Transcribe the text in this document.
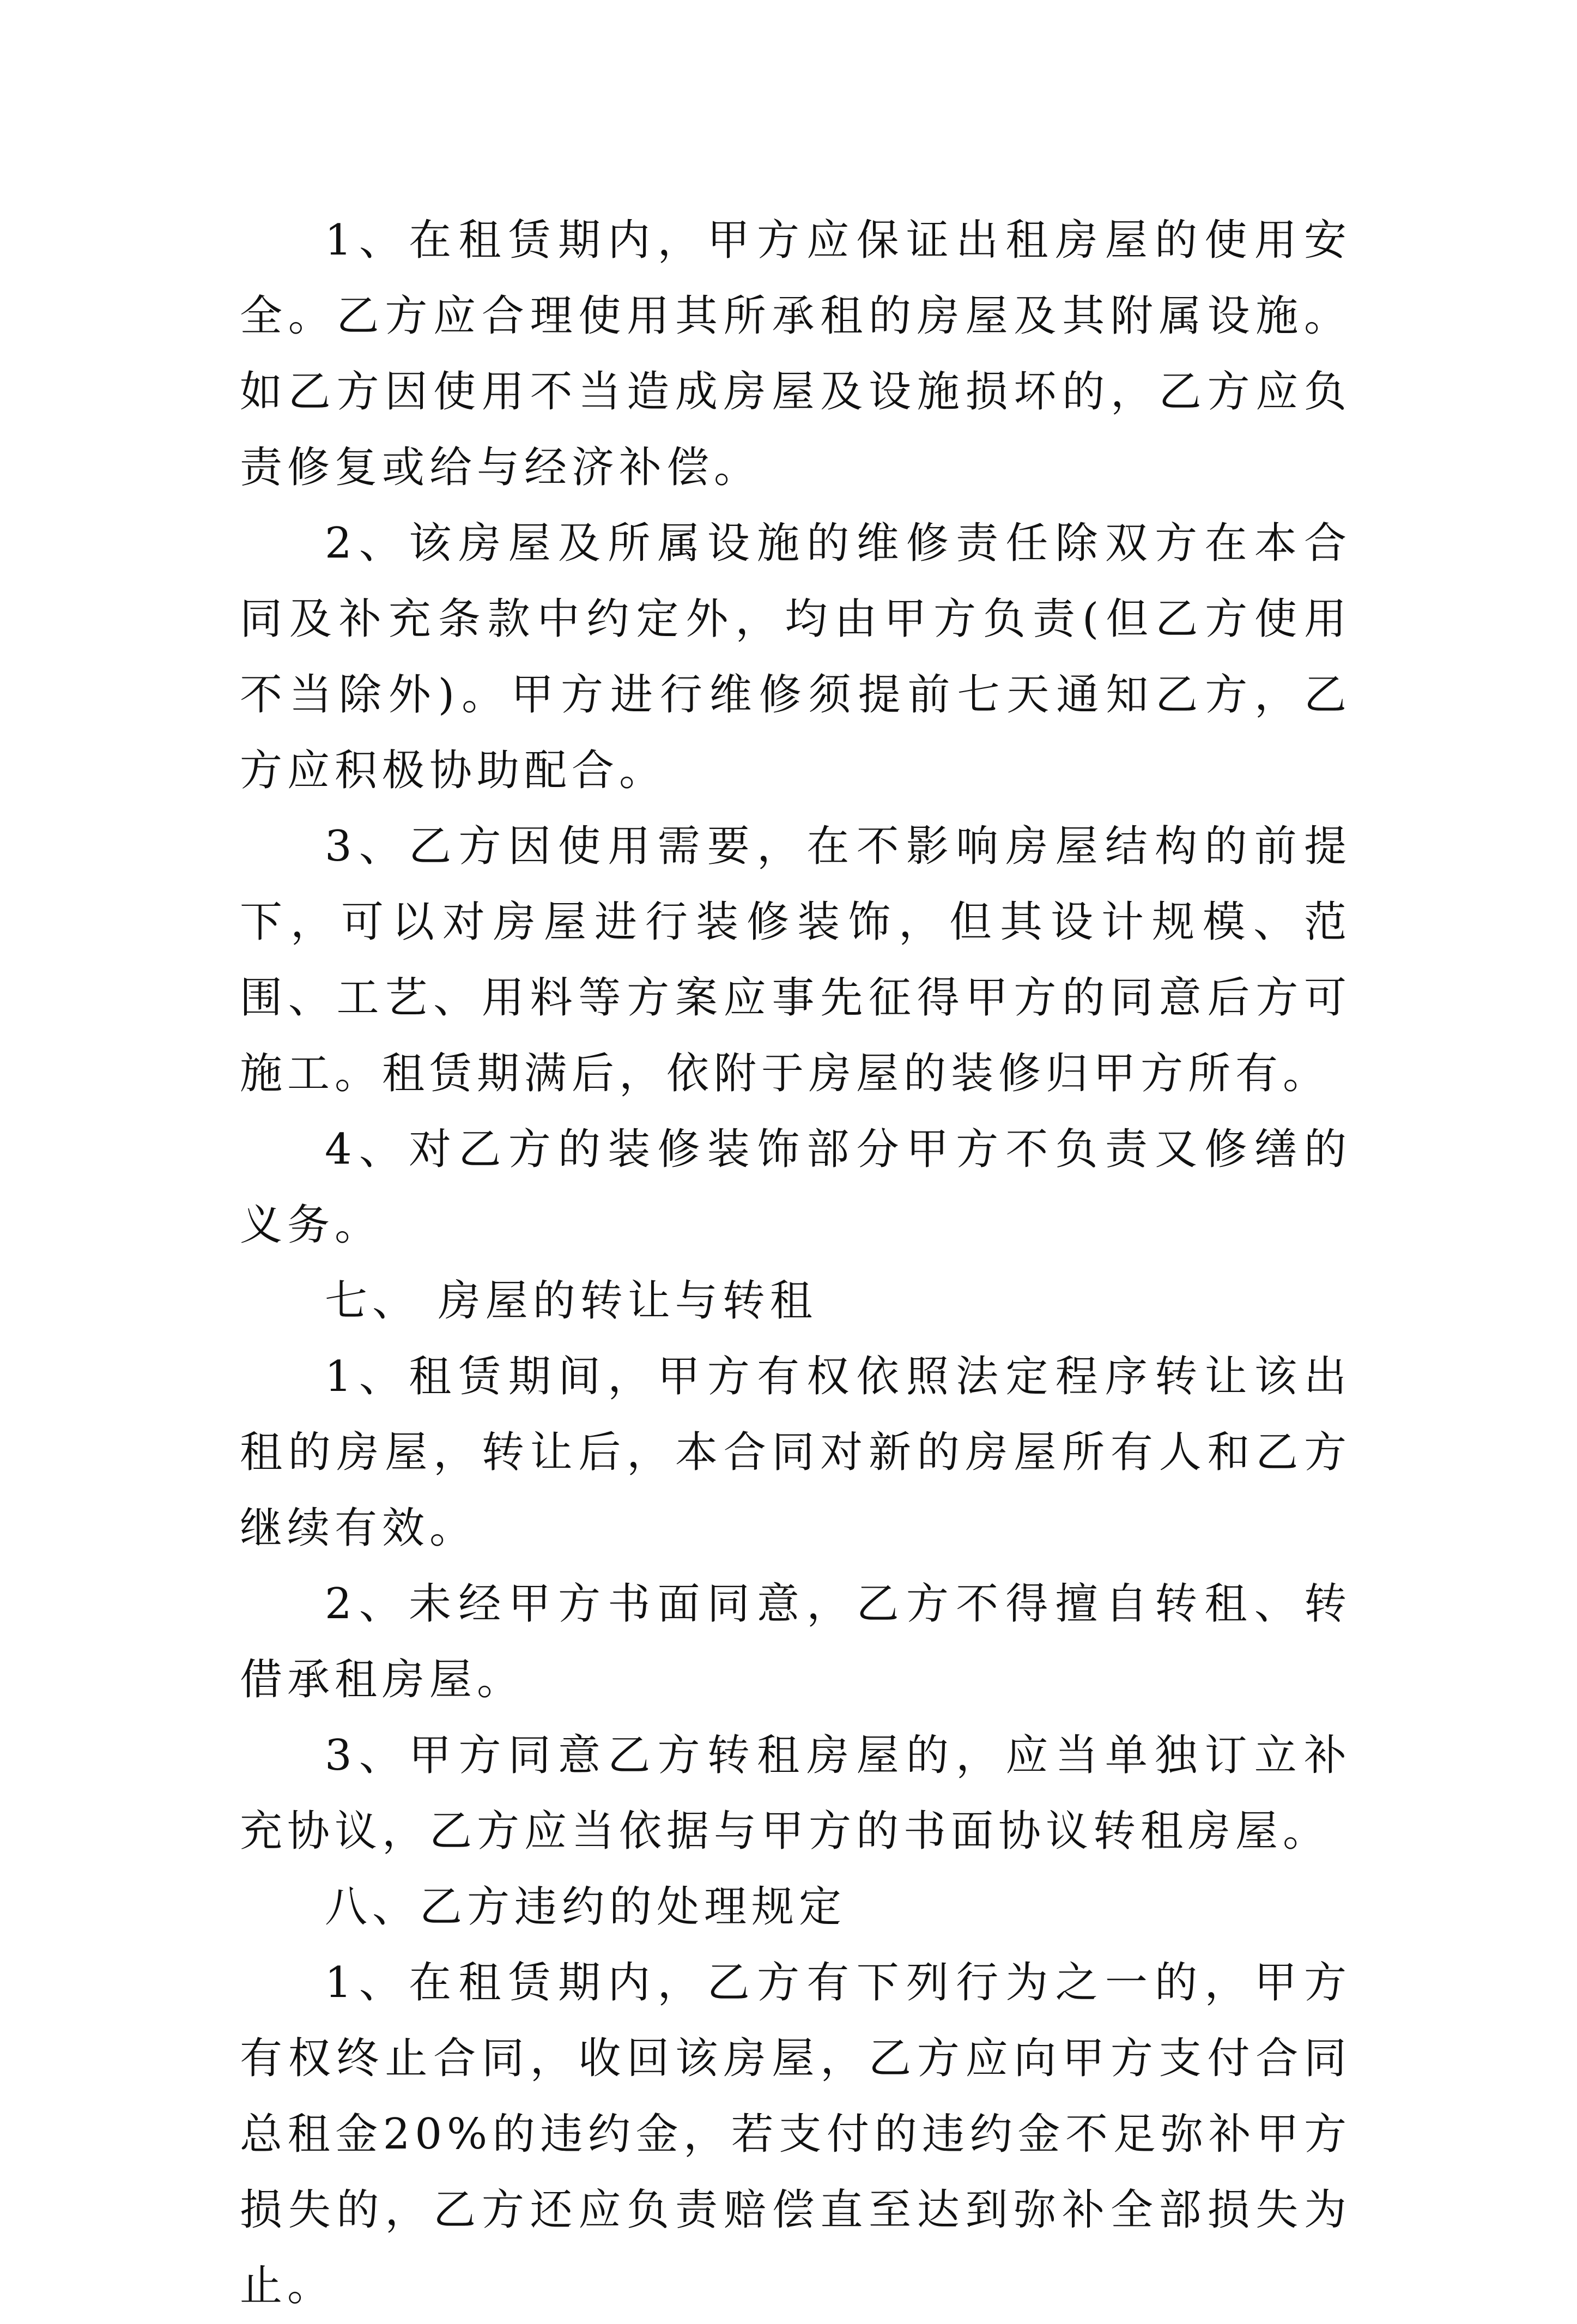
1、在租赁期内，甲方应保证出租房屋的使用安全。乙方应合理使用其所承租的房屋及其附属设施。如乙方因使用不当造成房屋及设施损坏的，乙方应负责修复或给与经济补偿。

2、该房屋及所属设施的维修责任除双方在本合同及补充条款中约定外，均由甲方负责(但乙方使用不当除外)。甲方进行维修须提前七天通知乙方，乙方应积极协助配合。

3、乙方因使用需要，在不影响房屋结构的前提下，可以对房屋进行装修装饰，但其设计规模、范围、工艺、用料等方案应事先征得甲方的同意后方可施工。租赁期满后，依附于房屋的装修归甲方所有。

4、对乙方的装修装饰部分甲方不负责又修缮的义务。

七、 房屋的转让与转租

1、租赁期间，甲方有权依照法定程序转让该出租的房屋，转让后，本合同对新的房屋所有人和乙方继续有效。

2、未经甲方书面同意，乙方不得擅自转租、转借承租房屋。

3、甲方同意乙方转租房屋的，应当单独订立补充协议，乙方应当依据与甲方的书面协议转租房屋。

八、乙方违约的处理规定

1、在租赁期内，乙方有下列行为之一的，甲方有权终止合同，收回该房屋，乙方应向甲方支付合同总租金20%的违约金，若支付的违约金不足弥补甲方损失的，乙方还应负责赔偿直至达到弥补全部损失为止。
